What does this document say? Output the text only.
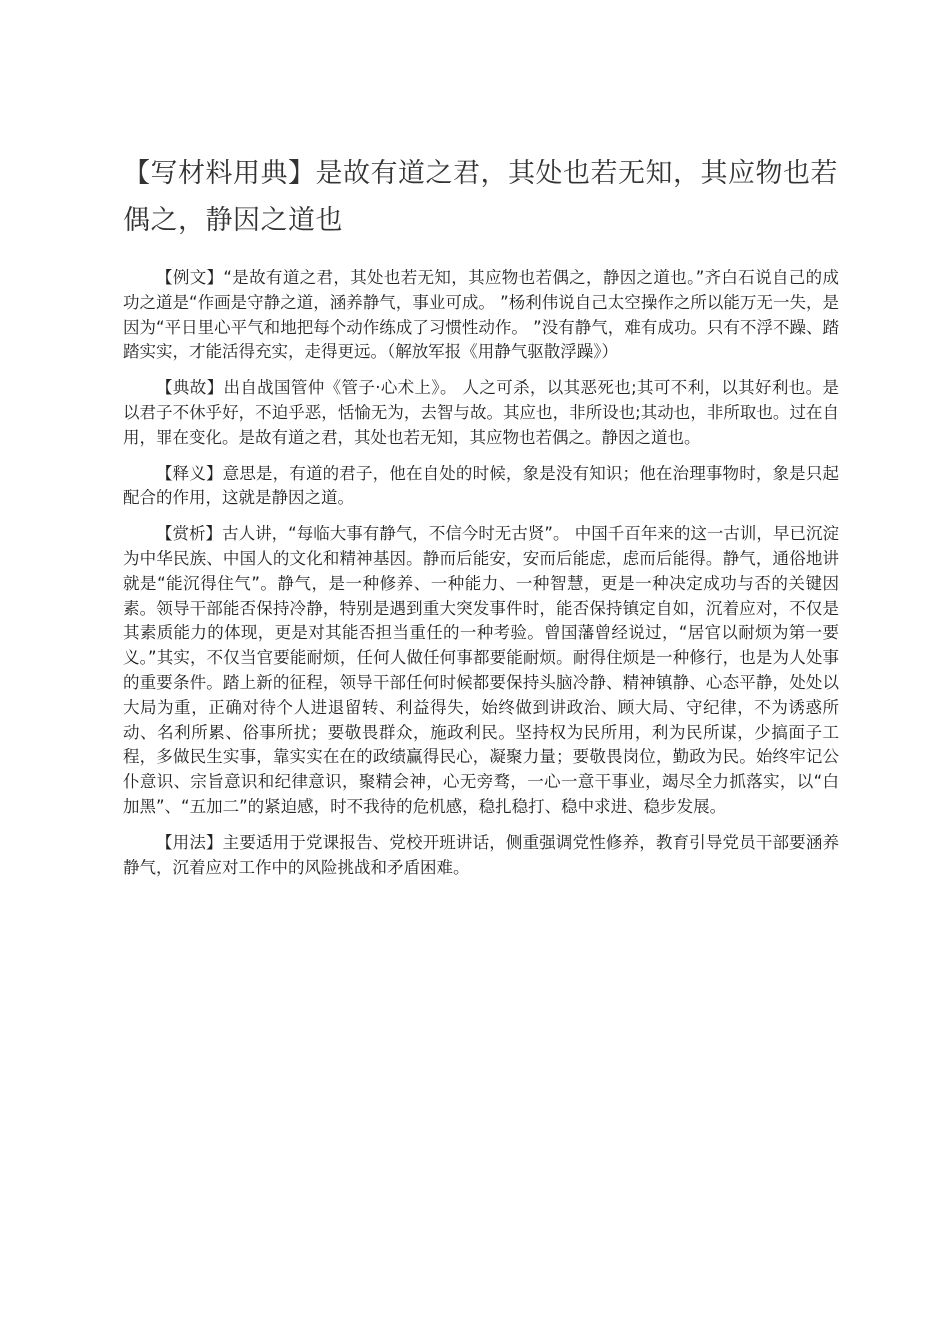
【写材料用典】是故有道之君，其处也若无知，其应物也若偶之，静因之道也

【例文】“是故有道之君，其处也若无知，其应物也若偶之，静因之道也。”齐白石说自己的成功之道是“作画是守静之道，涵养静气，事业可成。 ”杨利伟说自己太空操作之所以能万无一失，是因为“平日里心平气和地把每个动作练成了习惯性动作。 ”没有静气，难有成功。只有不浮不躁、踏踏实实，才能活得充实，走得更远。（解放军报《用静气驱散浮躁》）

【典故】出自战国管仲《管子·心术上》。 人之可杀，以其恶死也;其可不利，以其好利也。是以君子不休乎好，不迫乎恶，恬愉无为，去智与故。其应也，非所设也;其动也，非所取也。过在自用，罪在变化。是故有道之君，其处也若无知，其应物也若偶之。静因之道也。

【释义】意思是，有道的君子，他在自处的时候，象是没有知识；他在治理事物时，象是只起配合的作用，这就是静因之道。

【赏析】古人讲，“每临大事有静气，不信今时无古贤”。 中国千百年来的这一古训，早已沉淀为中华民族、中国人的文化和精神基因。静而后能安，安而后能虑，虑而后能得。静气，通俗地讲就是“能沉得住气”。静气，是一种修养、一种能力、一种智慧，更是一种决定成功与否的关键因素。领导干部能否保持冷静，特别是遇到重大突发事件时，能否保持镇定自如，沉着应对，不仅是其素质能力的体现，更是对其能否担当重任的一种考验。曾国藩曾经说过，“居官以耐烦为第一要义。”其实，不仅当官要能耐烦，任何人做任何事都要能耐烦。耐得住烦是一种修行，也是为人处事的重要条件。踏上新的征程，领导干部任何时候都要保持头脑冷静、精神镇静、心态平静，处处以大局为重，正确对待个人进退留转、利益得失，始终做到讲政治、顾大局、守纪律，不为诱惑所动、名利所累、俗事所扰；要敬畏群众，施政利民。坚持权为民所用，利为民所谋，少搞面子工程，多做民生实事，靠实实在在的政绩赢得民心，凝聚力量；要敬畏岗位，勤政为民。始终牢记公仆意识、宗旨意识和纪律意识，聚精会神，心无旁骛，一心一意干事业，竭尽全力抓落实，以“白加黑”、“五加二”的紧迫感，时不我待的危机感，稳扎稳打、稳中求进、稳步发展。

【用法】主要适用于党课报告、党校开班讲话，侧重强调党性修养，教育引导党员干部要涵养静气，沉着应对工作中的风险挑战和矛盾困难。
